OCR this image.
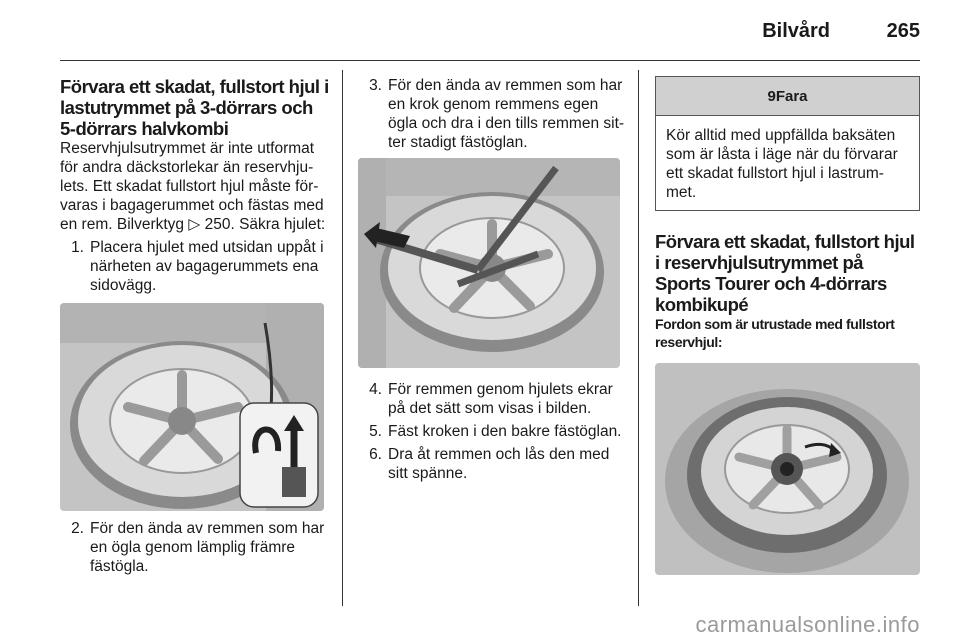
Bilvård	265
Förvara ett skadat, fullstort hjul i lastutrymmet på 3-dörrars och 5-dörrars halvkombi

Reservhjulsutrymmet är inte utformat för andra däckstorlekar än reservhju-lets. Ett skadat fullstort hjul måste för-varas i bagagerummet och fästas med en rem. Bilverktyg ▷ 250. Säkra hjulet:

1. Placera hjulet med utsidan uppåt i närheten av bagagerummets ena sidovägg.
2. För den ända av remmen som har en ögla genom lämplig främre fästögla.
3. För den ända av remmen som har en krok genom remmens egen ögla och dra i den tills remmen sit-ter stadigt fästöglan.
4. För remmen genom hjulets ekrar på det sätt som visas i bilden.
5. Fäst kroken i den bakre fästöglan.
6. Dra åt remmen och lås den med sitt spänne.
9 Fara
Kör alltid med uppfällda baksäten som är låsta i läge när du förvarar ett skadat fullstort hjul i lastrum-met.
Förvara ett skadat, fullstort hjul i reservhjulsutrymmet på Sports Tourer och 4-dörrars kombikupé

Fordon som är utrustade med fullstort reservhjul:

carmanualsonline.info
